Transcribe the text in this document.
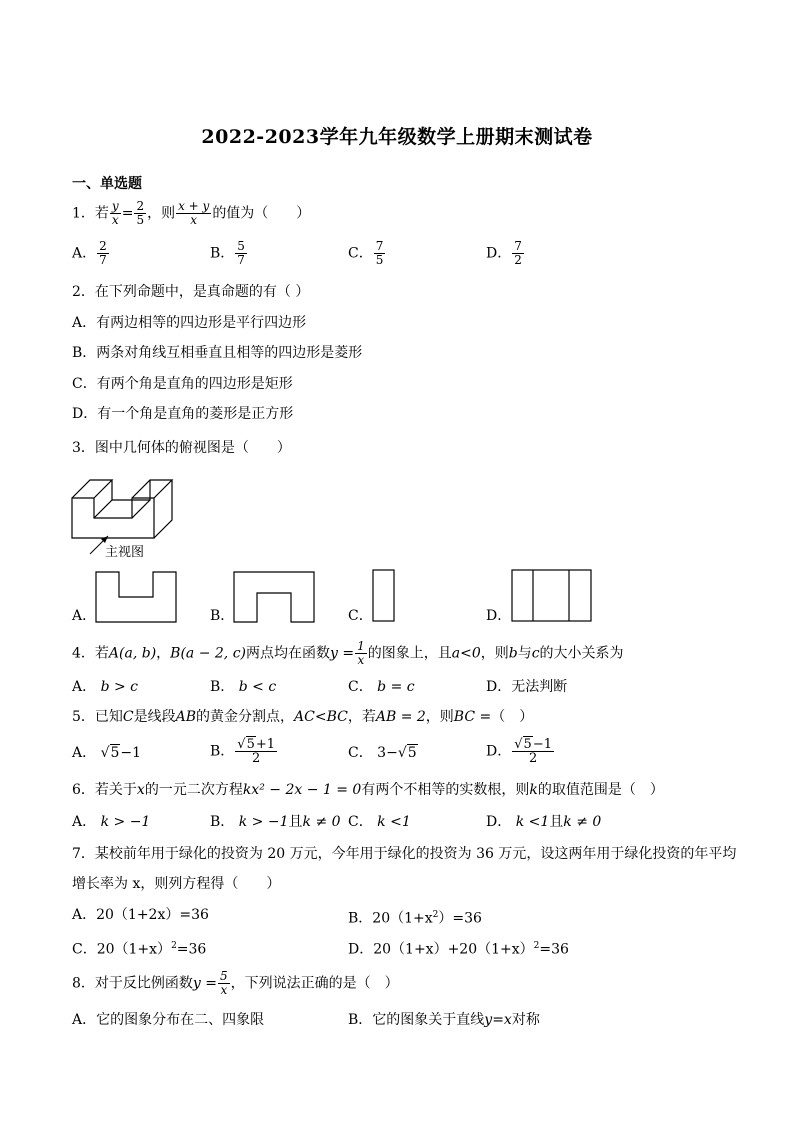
2022-2023学年九年级数学上册期末测试卷
一、单选题
1．若 $\frac{y}{x} = \frac{2}{5}$ ，则 $\frac{x + y}{x}$ 的值为（　　）
A． $\frac{2}{7}$	B． $\frac{5}{7}$	C． $\frac{7}{5}$	D． $\frac{7}{2}$
2．在下列命题中，是真命题的有（ ）
A．有两边相等的四边形是平行四边形
B．两条对角线互相垂直且相等的四边形是菱形
C．有两个角是直角的四边形是矩形
D．有一个角是直角的菱形是正方形
3．图中几何体的俯视图是（　　）
主视图
A．	B．	C．	D．
4．若A(a, b)，B(a − 2, c)两点均在函数$y = \frac{1}{x}$ 的图象上，且a<0，则b与c的大小关系为
A． b > c	B． b < c	C． b = c	D．无法判断
5．已知C是线段AB的黄金分割点，AC<BC，若AB = 2，则BC =（　）
A． √5−1	B． $\frac{√5+1}{2}$	C． 3−√5	D． $\frac{√5-1}{2}$
6．若关于x的一元二次方程kx² − 2x − 1 = 0有两个不相等的实数根，则k的取值范围是（　）
A． k > −1	B． k > −1且k ≠ 0 C． k <1	D． k <1且k ≠ 0
7．某校前年用于绿化的投资为 20 万元，今年用于绿化的投资为 36 万元，设这两年用于绿化投资的年平均
增长率为 x，则列方程得（　　）
A．20（1+2x）=36	B．$20(1+x^2)=36$
C．$20(1+x)^2=36$	D．$20(1+x)+20(1+x)^2=36$
8．对于反比例函数$y = \frac{5}{x}$ ，下列说法正确的是（　）
A．它的图象分布在二、四象限	B．它的图象关于直线y=x对称
